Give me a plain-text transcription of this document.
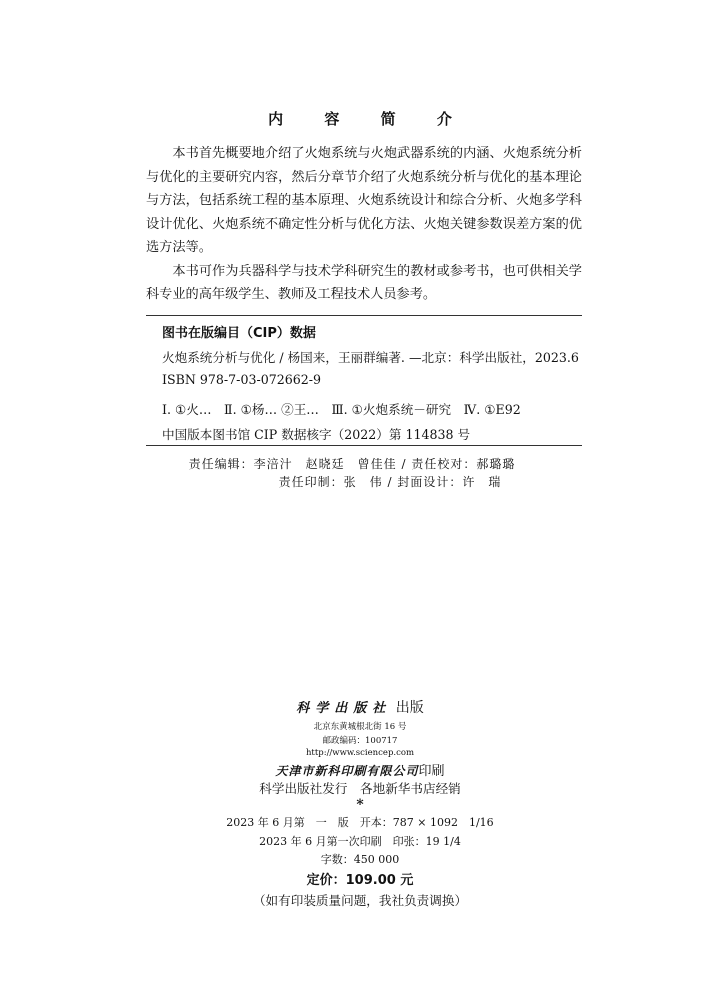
内 容 简 介

本书首先概要地介绍了火炮系统与火炮武器系统的内涵、火炮系统分析与优化的主要研究内容，然后分章节介绍了火炮系统分析与优化的基本理论与方法，包括系统工程的基本原理、火炮系统设计和综合分析、火炮多学科设计优化、火炮系统不确定性分析与优化方法、火炮关键参数误差方案的优选方法等。

本书可作为兵器科学与技术学科研究生的教材或参考书，也可供相关学科专业的高年级学生、教师及工程技术人员参考。

图书在版编目（CIP）数据
火炮系统分析与优化 / 杨国来，王丽群编著. —北京：科学出版社，2023.6
ISBN 978-7-03-072662-9
Ⅰ. ①火…　Ⅱ. ①杨… ②王…　Ⅲ. ①火炮系统－研究　Ⅳ. ①E92
中国版本图书馆 CIP 数据核字（2022）第 114838 号
责任编辑：李涪汁　赵晓廷　曾佳佳 / 责任校对：郝璐璐
责任印制：张　伟 / 封面设计：许　瑞
科学出版社 出版
北京东黄城根北街 16 号
邮政编码：100717
http://www.sciencep.com
天津市新科印刷有限公司印刷
科学出版社发行　各地新华书店经销
*
2023 年 6 月第　一　版　开本：787 × 1092　1/16
2023 年 6 月第一次印刷　印张：19 1/4
字数：450 000
定价：109.00 元
（如有印装质量问题，我社负责调换）
